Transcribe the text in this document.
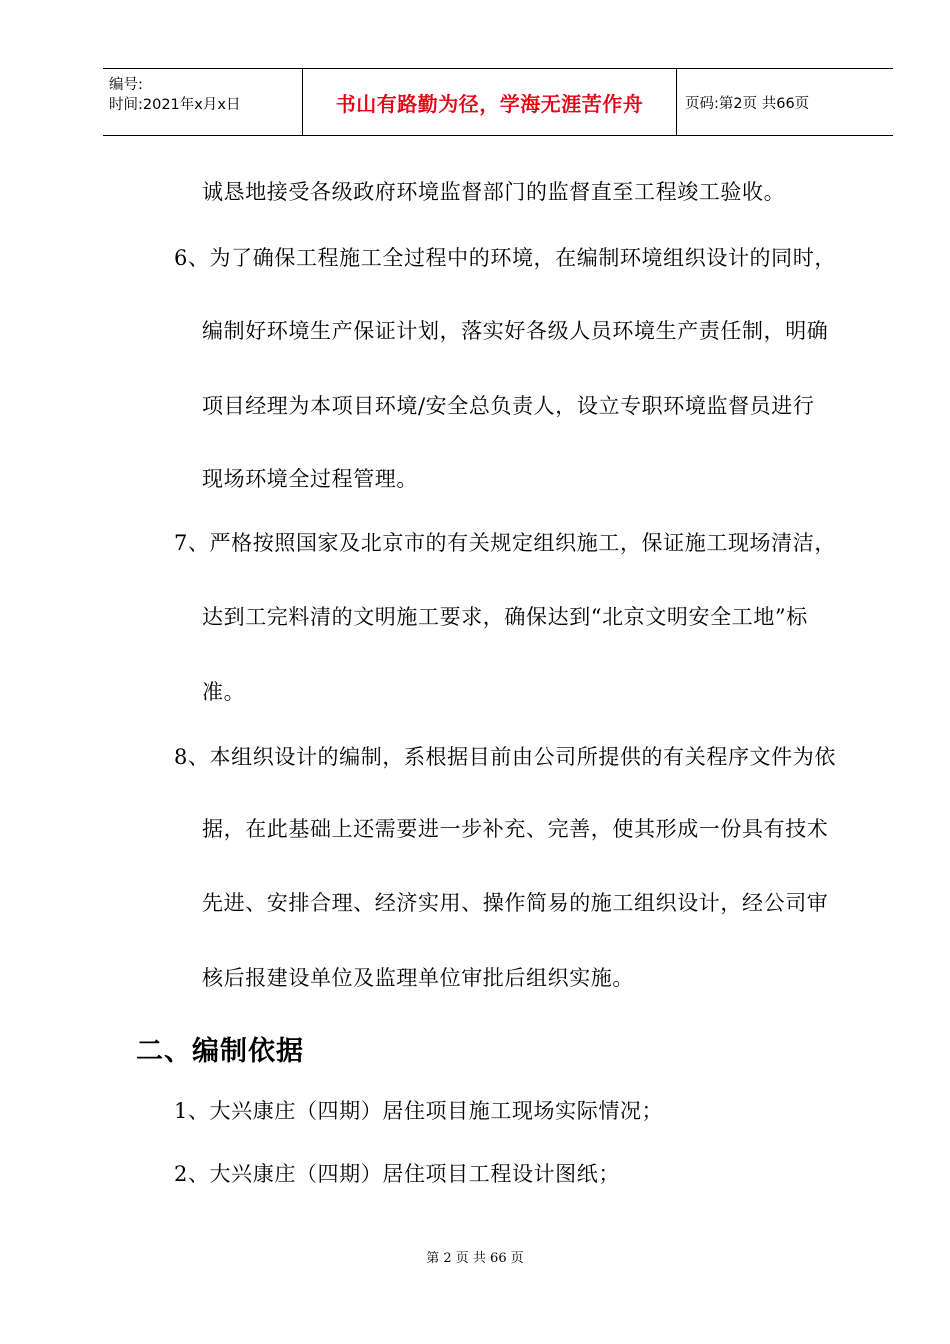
编号:
时间:2021年x月x日	书山有路勤为径，学海无涯苦作舟	页码:第2页 共66页
诚恳地接受各级政府环境监督部门的监督直至工程竣工验收。
6、为了确保工程施工全过程中的环境，在编制环境组织设计的同时，
编制好环境生产保证计划，落实好各级人员环境生产责任制，明确
项目经理为本项目环境/安全总负责人，设立专职环境监督员进行
现场环境全过程管理。
7、严格按照国家及北京市的有关规定组织施工，保证施工现场清洁，
达到工完料清的文明施工要求，确保达到“北京文明安全工地”标
准。
8、本组织设计的编制，系根据目前由公司所提供的有关程序文件为依
据，在此基础上还需要进一步补充、完善，使其形成一份具有技术
先进、安排合理、经济实用、操作简易的施工组织设计，经公司审
核后报建设单位及监理单位审批后组织实施。
二、编制依据
1、大兴康庄（四期）居住项目施工现场实际情况；
2、大兴康庄（四期）居住项目工程设计图纸；
第 2 页 共 66 页
